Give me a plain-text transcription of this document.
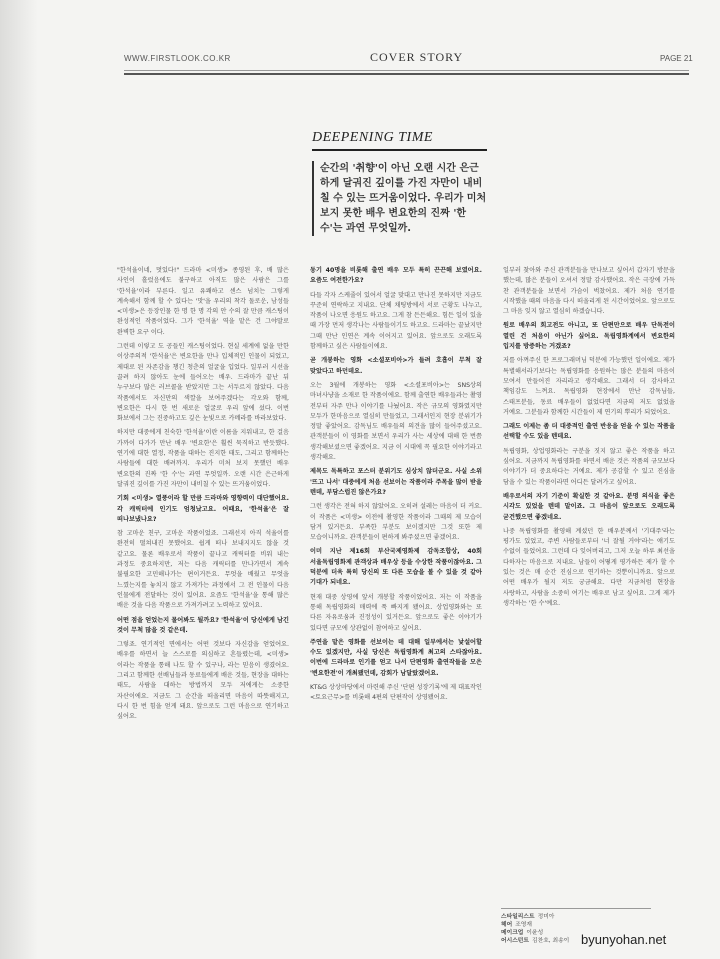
WWW.FIRSTLOOK.CO.KR	COVER STORY	PAGE 21
DEEPENING TIME
순간의 '취향'이 아닌 오랜 시간 은근하게 달궈진 깊이를 가진 자만이 내비칠 수 있는 뜨거움이었다. 우리가 미처 보지 못한 배우 변요한의 진짜 '한 수'는 과연 무엇일까.

"한석율이네, 멋있다!" 드라마 <미생> 종영된 후, 배 많은 사인이 흘렀음에도 불구하고 아직도 많은 사람은 그를 '한석율'이라 부른다. 일고 유쾌하고 센스 넘치는 그렇게 계속해서 함께 할 수 있다는 '맛'을 우리의 착각 돌로운, 남성들 <미생>은 등장인물 한 명 한 명 각의 안 수의 잘 만큼 캐스팅이 완성적인 작품이었다. 그가 '한석율' 역을 맡은 건 그야말로 완벽한 요구 이다.

그런데 이렇고 도 공들인 캐스팅이었다. 현실 세계에 없을 만한 이상주의적 '한석율'은 변요한을 만나 입체적인 인물이 되었고, 제대로 된 자존감을 챙긴 청춘의 얼굴을 입었다. 일부러 시선을 끌려 하지 않아도 눈에 들어오는 배우. 드라마가 끝난 뒤 누구보다 많은 러브콜을 받았지만 그는 서두르지 않았다. 다음 작품에서도 자신만의 색깔을 보여주겠다는 각오와 함께, 변요한은 다시 한 번 새로운 얼굴로 우리 앞에 섰다. 이번 화보에서 그는 진중하고도 깊은 눈빛으로 카메라를 바라보았다.

하지만 대중에게 친숙한 '한석율'이란 이름을 지워내고, 한 걸음 가까이 다가가 만난 배우 '변요한'은 훨씬 묵직하고 반듯했다. 연기에 대한 열정, 작품을 대하는 진지한 태도, 그리고 함께하는 사람들에 대한 배려까지. 우리가 미처 보지 못했던 배우 변요한의 진짜 '한 수'는 과연 무엇일까. 오랜 시간 은근하게 달궈진 깊이를 가진 자만이 내비칠 수 있는 뜨거움이었다.

기회 <미생> 열풍이라 할 만큼 드라마와 영향력이 대단했어요. 각 캐릭터에 인기도 엄청났고요. 어때요, '한석율'은 잘 떠나보냈나요?

참 고마운 친구, 고마운 작품이었죠. 그래선지 아직 석율이를 완전히 떨쳐내진 못했어요. 쉽게 떠나 보내지지도 않을 것 같고요. 물론 배우로서 작품이 끝나고 캐릭터를 비워 내는 과정도 중요하지만, 저는 다음 캐릭터를 만나가면서 계속 불필요한 고민해나가는 편이거든요. 무엇을 배웠고 무엇을 느꼈는지를 놓치지 않고 가져가는 과정에서 그 전 인물이 다음 인물에게 전달하는 것이 있어요. 요즘도 '한석율'을 통해 많은 배운 것을 다음 작품으로 가져가려고 노력하고 있어요.

어떤 점을 얻었는지 물어봐도 될까요? '한석율'이 당신에게 남긴 것이 무척 많을 것 같은데.

그렇죠. 연기적인 면에서는 어떤 것보다 자신감을 얻었어요. 배우를 하면서 늘 스스로를 의심하고 흔들렸는데, <미생>이라는 작품을 통해 나도 할 수 있구나, 라는 믿음이 생겼어요. 그리고 함께한 선배님들과 동료들에게 배운 것들, 현장을 대하는 태도, 사람을 대하는 방법까지 모두 저에게는 소중한 자산이에요. 지금도 그 순간을 떠올리면 마음이 따뜻해지고, 다시 한 번 힘을 얻게 돼요. 앞으로도 그런 마음으로 연기하고 싶어요.

동기 40명을 비롯해 출연 배우 모두 특히 끈끈해 보였어요. 요즘도 여전한가요?

다들 각자 스케줄이 있어서 얼굴 맞대고 만나진 못하지만 지금도 꾸준히 연락하고 지내요. 단체 채팅방에서 서로 근황도 나누고, 작품이 나오면 응원도 하고요. 그게 참 든든해요. 힘든 일이 있을 때 가장 먼저 생각나는 사람들이기도 하고요. 드라마는 끝났지만 그때 만난 인연은 계속 이어지고 있어요. 앞으로도 오래도록 함께하고 싶은 사람들이에요.

곧 개봉하는 영화 <소셜포비아>가 들려 호흡이 무척 잘 맞았다고 하던데요.

오는 3월에 개봉하는 영화 <소셜포비아>는 SNS상의 마녀사냥을 소재로 한 작품이에요. 함께 출연한 배우들과는 촬영 전부터 자주 만나 이야기를 나눴어요. 작은 규모의 영화였지만 모두가 한마음으로 열심히 만들었고, 그래서인지 현장 분위기가 정말 좋았어요. 감독님도 배우들의 의견을 많이 들어주셨고요. 관객분들이 이 영화를 보면서 우리가 사는 세상에 대해 한 번쯤 생각해보셨으면 좋겠어요. 지금 이 시대에 꼭 필요한 이야기라고 생각해요.

제목도 독특하고 포스터 분위기도 심상치 않더군요. 사실 소위 '뜨고 나서' 대중에게 처음 선보이는 작품이라 주목을 많이 받을 텐데, 부담스럽진 않은가요?

그런 생각은 전혀 하지 않았어요. 오히려 설레는 마음이 더 커요. 이 작품은 <미생> 이전에 촬영한 작품이라 그때의 제 모습이 담겨 있거든요. 부족한 부분도 보이겠지만 그것 또한 제 모습이니까요. 관객분들이 편하게 봐주셨으면 좋겠어요.

이미 지난 제16회 부산국제영화제 감독조합상, 40회 서울독립영화제 관객상과 배우상 등을 수상한 작품이잖아요. 그 덕분에 더욱 특히 당신의 또 다른 모습을 볼 수 있을 것 같아 기대가 되네요.

현재 대중 상영에 앞서 개봉할 작품이었어요. 저는 이 작품을 통해 독립영화의 매력에 푹 빠지게 됐어요. 상업영화와는 또 다른 자유로움과 진정성이 있거든요. 앞으로도 좋은 이야기가 있다면 규모에 상관없이 참여하고 싶어요.

주연을 맡은 영화를 선보이는 데 대해 일부에서는 낯설어할 수도 있겠지만, 사실 당신은 독립영화계 최고의 스타잖아요. 이번에 드라마로 인기를 얻고 나서 단편영화 출연작들을 모은 '변요한전'이 개최됐던데, 감회가 남달랐겠어요.

KT&G 상상마당에서 마련해 주신 '단편 성장기록'에 제 대표작인 <토요근무>를 비롯해 4편의 단편작이 상영됐어요.

일부러 찾아와 주신 관객분들을 만나보고 싶어서 갑자기 방문을 했는데, 많은 분들이 오셔서 정말 감사했어요. 작은 극장에 가득 찬 관객분들을 보면서 가슴이 벅찼어요. 제가 처음 연기를 시작했을 때의 마음을 다시 떠올리게 된 시간이었어요. 앞으로도 그 마음 잊지 않고 열심히 하겠습니다.

원로 배우의 회고전도 아니고, 또 단편만으로 배우 단독전이 열린 건 처음이 아닌가 싶어요. 독립영화계에서 변요한의 입지를 방증하는 거겠죠?

저를 아껴주신 한 프로그래머님 덕분에 가능했던 일이에요. 제가 특별해서라기보다는 독립영화를 응원하는 많은 분들의 마음이 모여서 만들어진 자리라고 생각해요. 그래서 더 감사하고 책임감도 느껴요. 독립영화 현장에서 만난 감독님들, 스태프분들, 동료 배우들이 없었다면 지금의 저도 없었을 거예요. 그분들과 함께한 시간들이 제 연기의 뿌리가 되었어요.

그래도 이제는 좀 더 대중적인 출연 반응을 얻을 수 있는 작품을 선택할 수도 있을 텐데요.

독립영화, 상업영화라는 구분을 짓지 않고 좋은 작품을 하고 싶어요. 지금까지 독립영화를 하면서 배운 것은 작품의 규모보다 이야기가 더 중요하다는 거예요. 제가 공감할 수 있고 진심을 담을 수 있는 작품이라면 어디든 달려가고 싶어요.

배우로서의 자기 기준이 확실한 것 같아요. 분명 의식을 좋은 시각도 있었을 텐데 말이죠. 그 마음이 앞으로도 오래도록 굳건했으면 좋겠네요.

나중 독립영화를 촬영해 계셨던 한 배우분께서 '기대주'라는 평가도 있었고, 주변 사람들로부터 '너 잘될 거야'라는 얘기도 수없이 들었어요. 그런데 다 잊어버리고, 그저 오늘 하루 최선을 다하자는 마음으로 지내요. 남들이 어떻게 평가하든 제가 할 수 있는 것은 매 순간 진심으로 연기하는 것뿐이니까요. 앞으로 어떤 배우가 될지 저도 궁금해요. 다만 지금처럼 현장을 사랑하고, 사람을 소중히 여기는 배우로 남고 싶어요. 그게 제가 생각하는 '한 수'예요.

스타일리스트 정미아
헤어 조영재
메이크업 이윤성
어시스턴트 김찬호, 최송이 byunyohan.net
